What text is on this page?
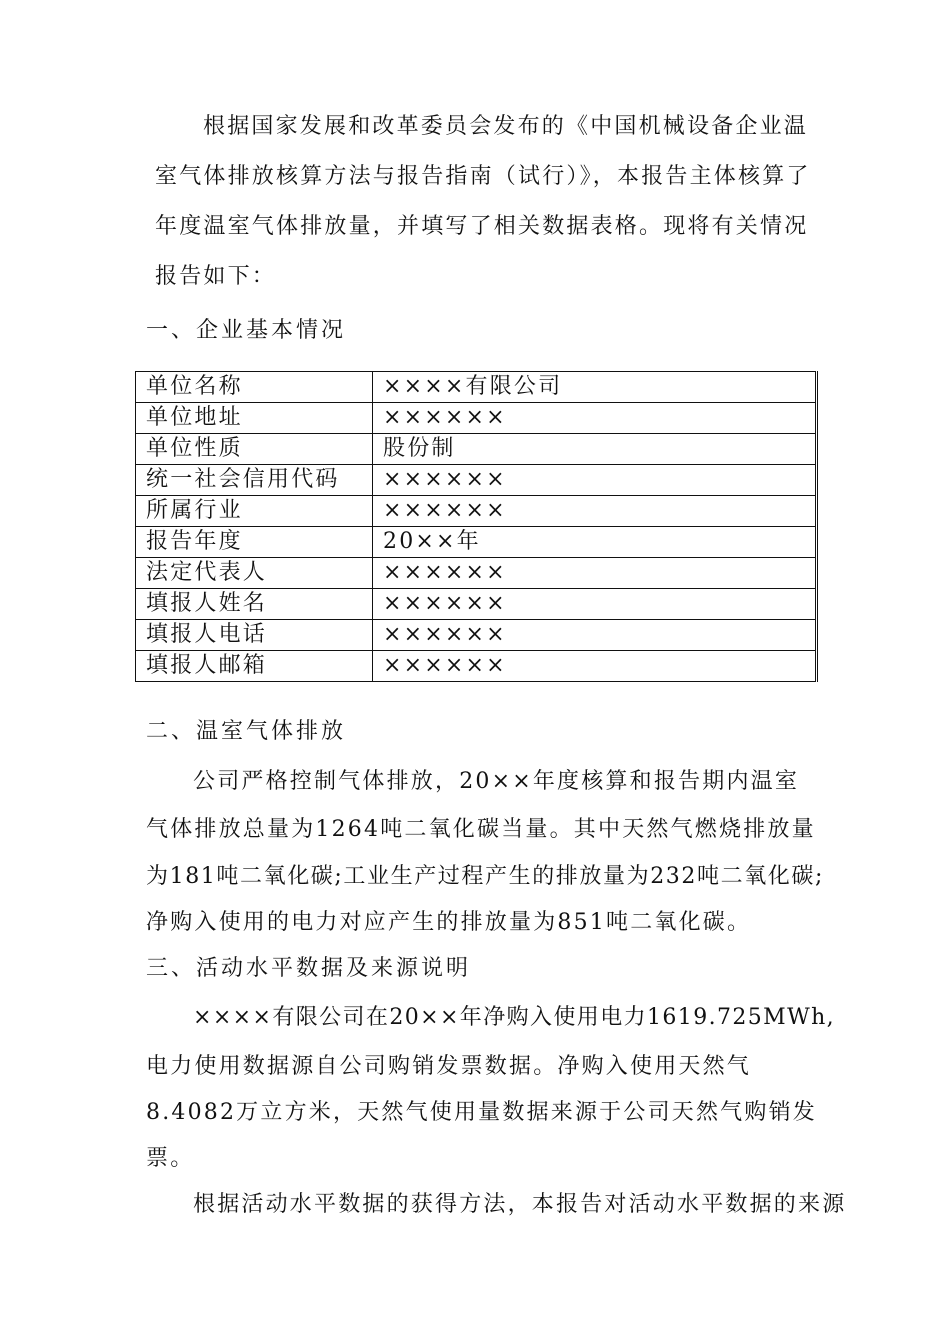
根据国家发展和改革委员会发布的《中国机械设备企业温
室气体排放核算方法与报告指南（试行）》，本报告主体核算了
年度温室气体排放量，并填写了相关数据表格。现将有关情况
报告如下：
一、企业基本情况
单位名称	××××有限公司
单位地址	××××××
单位性质	股份制
统一社会信用代码	××××××
所属行业	××××××
报告年度	20××年
法定代表人	××××××
填报人姓名	××××××
填报人电话	××××××
填报人邮箱	××××××
二、温室气体排放
公司严格控制气体排放，20××年度核算和报告期内温室
气体排放总量为1264吨二氧化碳当量。其中天然气燃烧排放量
为181吨二氧化碳;工业生产过程产生的排放量为232吨二氧化碳;
净购入使用的电力对应产生的排放量为851吨二氧化碳。
三、活动水平数据及来源说明
××××有限公司在20××年净购入使用电力1619.725MWh,
电力使用数据源自公司购销发票数据。净购入使用天然气
8.4082万立方米，天然气使用量数据来源于公司天然气购销发
票。
根据活动水平数据的获得方法，本报告对活动水平数据的来源
